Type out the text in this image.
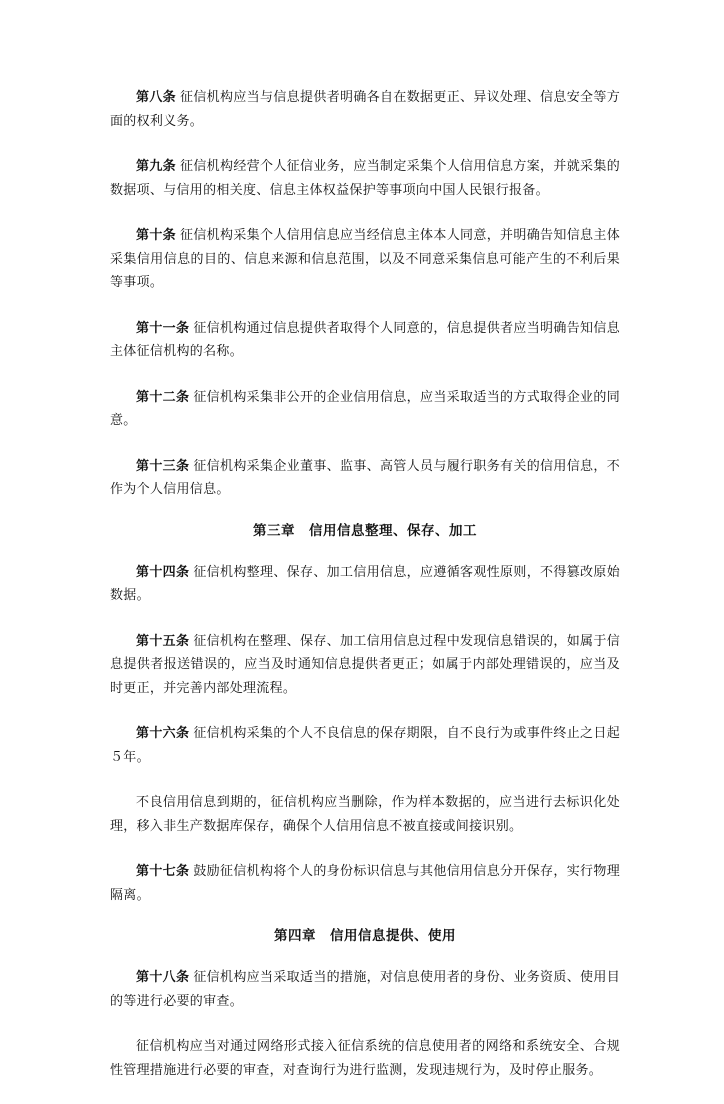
第八条 征信机构应当与信息提供者明确各自在数据更正、异议处理、信息安全等方面的权利义务。

第九条 征信机构经营个人征信业务，应当制定采集个人信用信息方案，并就采集的数据项、与信用的相关度、信息主体权益保护等事项向中国人民银行报备。

第十条 征信机构采集个人信用信息应当经信息主体本人同意，并明确告知信息主体采集信用信息的目的、信息来源和信息范围，以及不同意采集信息可能产生的不利后果等事项。

第十一条 征信机构通过信息提供者取得个人同意的，信息提供者应当明确告知信息主体征信机构的名称。

第十二条 征信机构采集非公开的企业信用信息，应当采取适当的方式取得企业的同意。

第十三条 征信机构采集企业董事、监事、高管人员与履行职务有关的信用信息，不作为个人信用信息。

第三章　信用信息整理、保存、加工

第十四条 征信机构整理、保存、加工信用信息，应遵循客观性原则，不得篡改原始数据。

第十五条 征信机构在整理、保存、加工信用信息过程中发现信息错误的，如属于信息提供者报送错误的，应当及时通知信息提供者更正；如属于内部处理错误的，应当及时更正，并完善内部处理流程。

第十六条 征信机构采集的个人不良信息的保存期限，自不良行为或事件终止之日起５年。

不良信用信息到期的，征信机构应当删除，作为样本数据的，应当进行去标识化处理，移入非生产数据库保存，确保个人信用信息不被直接或间接识别。

第十七条 鼓励征信机构将个人的身份标识信息与其他信用信息分开保存，实行物理隔离。

第四章　信用信息提供、使用

第十八条 征信机构应当采取适当的措施，对信息使用者的身份、业务资质、使用目的等进行必要的审查。

征信机构应当对通过网络形式接入征信系统的信息使用者的网络和系统安全、合规性管理措施进行必要的审查，对查询行为进行监测，发现违规行为，及时停止服务。
